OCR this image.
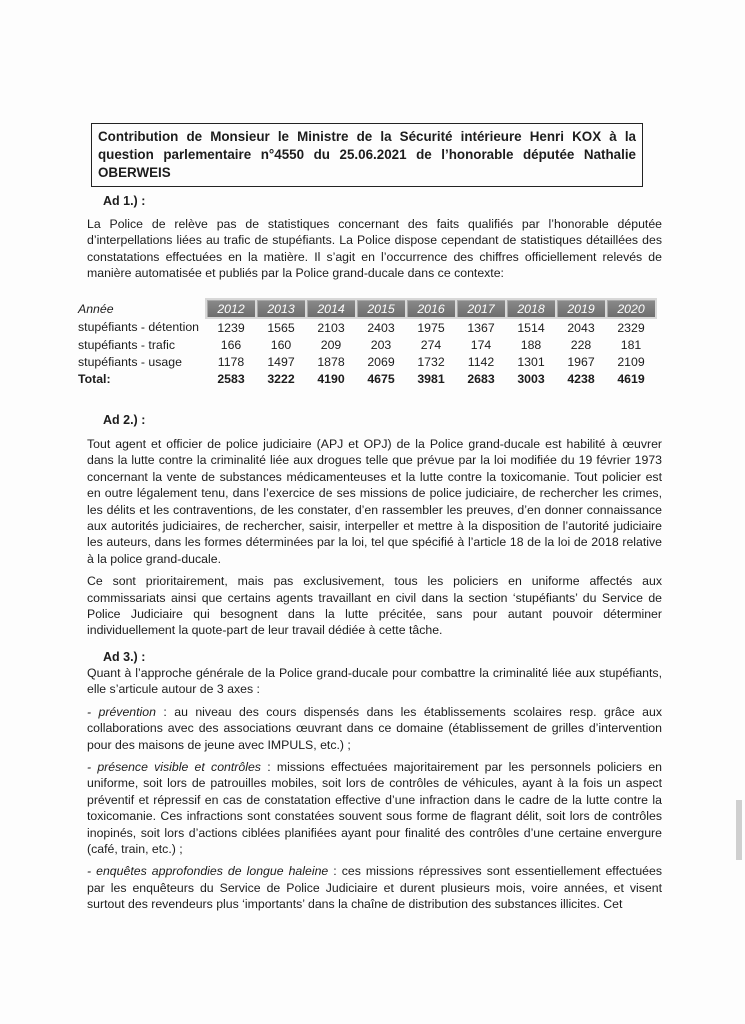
Contribution de Monsieur le Ministre de la Sécurité intérieure Henri KOX à la question parlementaire n°4550 du 25.06.2021 de l’honorable députée Nathalie OBERWEIS
Ad 1.) :

La Police de relève pas de statistiques concernant des faits qualifiés par l’honorable députée d’interpellations liées au trafic de stupéfiants. La Police dispose cependant de statistiques détaillées des constatations effectuées en la matière. Il s’agit en l’occurrence des chiffres officiellement relevés de manière automatisée et publiés par la Police grand-ducale dans ce contexte:

Année	2012	2013	2014	2015	2016	2017	2018	2019	2020
stupéfiants - détention	1239	1565	2103	2403	1975	1367	1514	2043	2329
stupéfiants - trafic	166	160	209	203	274	174	188	228	181
stupéfiants - usage	1178	1497	1878	2069	1732	1142	1301	1967	2109
Total:	2583	3222	4190	4675	3981	2683	3003	4238	4619
Ad 2.) :

Tout agent et officier de police judiciaire (APJ et OPJ) de la Police grand-ducale est habilité à œuvrer dans la lutte contre la criminalité liée aux drogues telle que prévue par la loi modifiée du 19 février 1973 concernant la vente de substances médicamenteuses et la lutte contre la toxicomanie. Tout policier est en outre légalement tenu, dans l’exercice de ses missions de police judiciaire, de rechercher les crimes, les délits et les contraventions, de les constater, d’en rassembler les preuves, d’en donner connaissance aux autorités judiciaires, de rechercher, saisir, interpeller et mettre à la disposition de l’autorité judiciaire les auteurs, dans les formes déterminées par la loi, tel que spécifié à l’article 18 de la loi de 2018 relative à la police grand-ducale.

Ce sont prioritairement, mais pas exclusivement, tous les policiers en uniforme affectés aux commissariats ainsi que certains agents travaillant en civil dans la section ‘stupéfiants’ du Service de Police Judiciaire qui besognent dans la lutte précitée, sans pour autant pouvoir déterminer individuellement la quote-part de leur travail dédiée à cette tâche.

Ad 3.) :

Quant à l’approche générale de la Police grand-ducale pour combattre la criminalité liée aux stupéfiants, elle s’articule autour de 3 axes :

- prévention : au niveau des cours dispensés dans les établissements scolaires resp. grâce aux collaborations avec des associations œuvrant dans ce domaine (établissement de grilles d’intervention pour des maisons de jeune avec IMPULS, etc.) ;

- présence visible et contrôles : missions effectuées majoritairement par les personnels policiers en uniforme, soit lors de patrouilles mobiles, soit lors de contrôles de véhicules, ayant à la fois un aspect préventif et répressif en cas de constatation effective d’une infraction dans le cadre de la lutte contre la toxicomanie. Ces infractions sont constatées souvent sous forme de flagrant délit, soit lors de contrôles inopinés, soit lors d’actions ciblées planifiées ayant pour finalité des contrôles d’une certaine envergure (café, train, etc.) ;

- enquêtes approfondies de longue haleine : ces missions répressives sont essentiellement effectuées par les enquêteurs du Service de Police Judiciaire et durent plusieurs mois, voire années, et visent surtout des revendeurs plus ‘importants’ dans la chaîne de distribution des substances illicites. Cet
